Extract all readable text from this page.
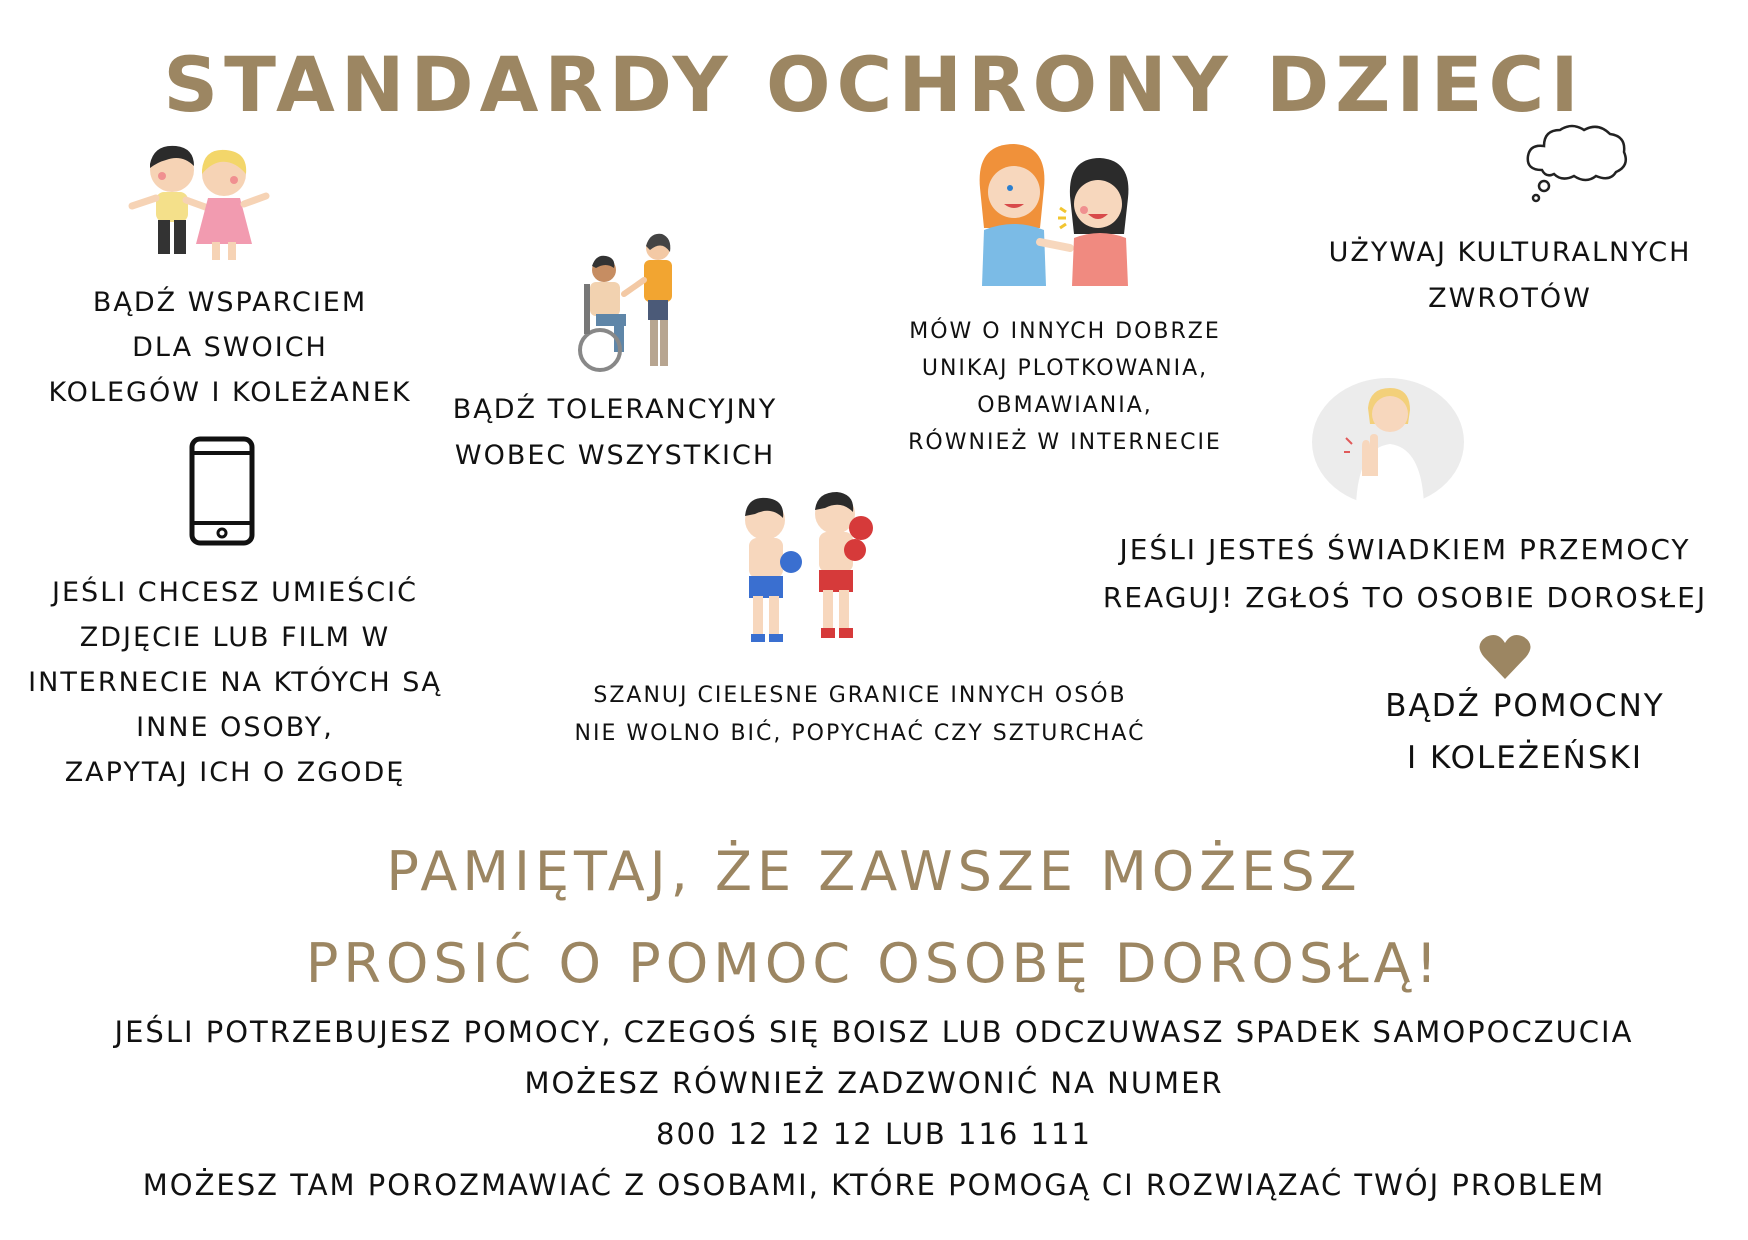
STANDARDY OCHRONY DZIECI
BĄDŹ WSPARCIEM
DLA SWOICH
KOLEGÓW I KOLEŻANEK
BĄDŹ TOLERANCYJNY
WOBEC WSZYSTKICH
MÓW O INNYCH DOBRZE
UNIKAJ PLOTKOWANIA,
OBMAWIANIA,
RÓWNIEŻ W INTERNECIE
UŻYWAJ KULTURALNYCH
ZWROTÓW
JEŚLI CHCESZ UMIEŚCIĆ
ZDJĘCIE LUB FILM W
INTERNECIE NA KTÓYCH SĄ
INNE OSOBY,
ZAPYTAJ ICH O ZGODĘ
JEŚLI JESTEŚ ŚWIADKIEM PRZEMOCY
REAGUJ! ZGŁOŚ TO OSOBIE DOROSŁEJ
SZANUJ CIELESNE GRANICE INNYCH OSÓB
NIE WOLNO BIĆ, POPYCHAĆ CZY SZTURCHAĆ
BĄDŹ POMOCNY
I KOLEŻEŃSKI
PAMIĘTAJ, ŻE ZAWSZE MOŻESZ
PROSIĆ O POMOC OSOBĘ DOROSŁĄ!
JEŚLI POTRZEBUJESZ POMOCY, CZEGOŚ SIĘ BOISZ LUB ODCZUWASZ SPADEK SAMOPOCZUCIA
MOŻESZ RÓWNIEŻ ZADZWONIĆ NA NUMER
800 12 12 12 LUB 116 111
MOŻESZ TAM POROZMAWIAĆ Z OSOBAMI, KTÓRE POMOGĄ CI ROZWIĄZAĆ TWÓJ PROBLEM
